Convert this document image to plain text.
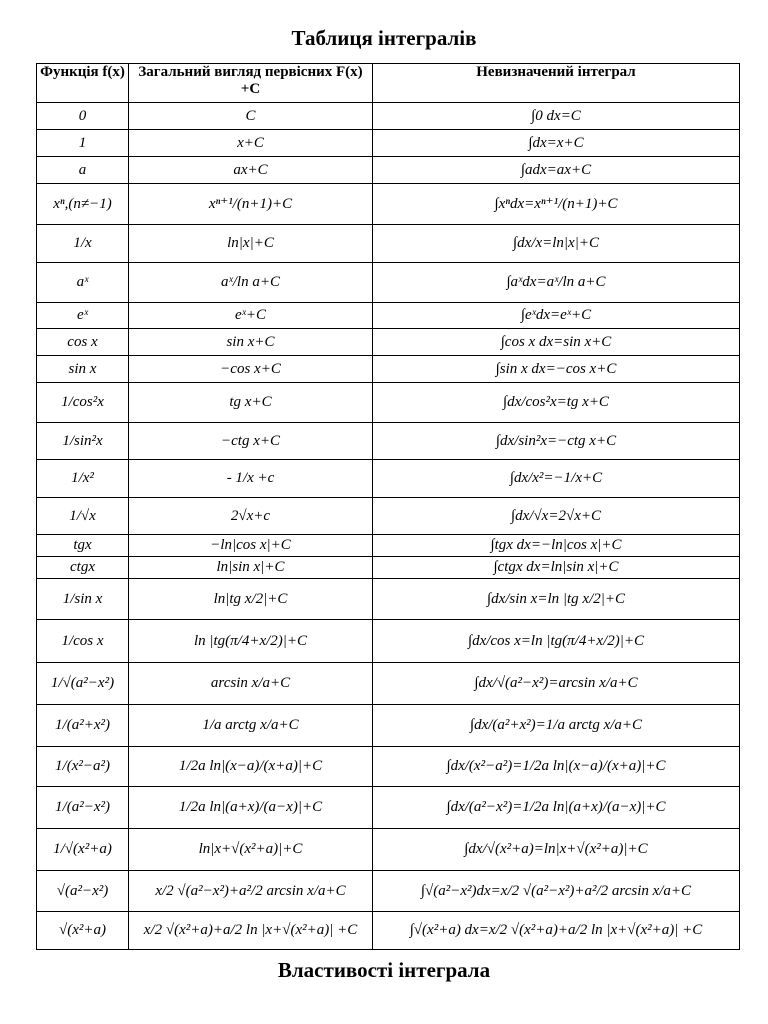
Таблиця інтегралів
Функція f(x)	Загальний вигляд первісних F(x) +C	Невизначений інтеграл
0	C	∫0 dx=C
1	x+C	∫dx=x+C
a	ax+C	∫adx=ax+C
xⁿ,(n≠−1)	xⁿ⁺¹/(n+1)+C	∫xⁿdx=xⁿ⁺¹/(n+1)+C
1/x	ln|x|+C	∫dx/x=ln|x|+C
aˣ	aˣ/ln a+C	∫aˣdx=aˣ/ln a+C
eˣ	eˣ+C	∫eˣdx=eˣ+C
cos x	sin x+C	∫cos x dx=sin x+C
sin x	−cos x+C	∫sin x dx=−cos x+C
1/cos²x	tg x+C	∫dx/cos²x=tg x+C
1/sin²x	−ctg x+C	∫dx/sin²x=−ctg x+C
1/x²	- 1/x +c	∫dx/x²=−1/x+C
1/√x	2√x+c	∫dx/√x=2√x+C
tgx	−ln|cos x|+C	∫tgx dx=−ln|cos x|+C
ctgx	ln|sin x|+C	∫ctgx dx=ln|sin x|+C
1/sin x	ln|tg x/2|+C	∫dx/sin x=ln |tg x/2|+C
1/cos x	ln |tg(π/4+x/2)|+C	∫dx/cos x=ln |tg(π/4+x/2)|+C
1/√(a²−x²)	arcsin x/a+C	∫dx/√(a²−x²)=arcsin x/a+C
1/(a²+x²)	1/a arctg x/a+C	∫dx/(a²+x²)=1/a arctg x/a+C
1/(x²−a²)	1/2a ln|(x−a)/(x+a)|+C	∫dx/(x²−a²)=1/2a ln|(x−a)/(x+a)|+C
1/(a²−x²)	1/2a ln|(a+x)/(a−x)|+C	∫dx/(a²−x²)=1/2a ln|(a+x)/(a−x)|+C
1/√(x²+a)	ln|x+√(x²+a)|+C	∫dx/√(x²+a)=ln|x+√(x²+a)|+C
√(a²−x²)	x/2 √(a²−x²)+a²/2 arcsin x/a+C	∫√(a²−x²)dx=x/2 √(a²−x²)+a²/2 arcsin x/a+C
√(x²+a)	x/2 √(x²+a)+a/2 ln |x+√(x²+a)| +C	∫√(x²+a) dx=x/2 √(x²+a)+a/2 ln |x+√(x²+a)| +C
Властивості інтеграла
